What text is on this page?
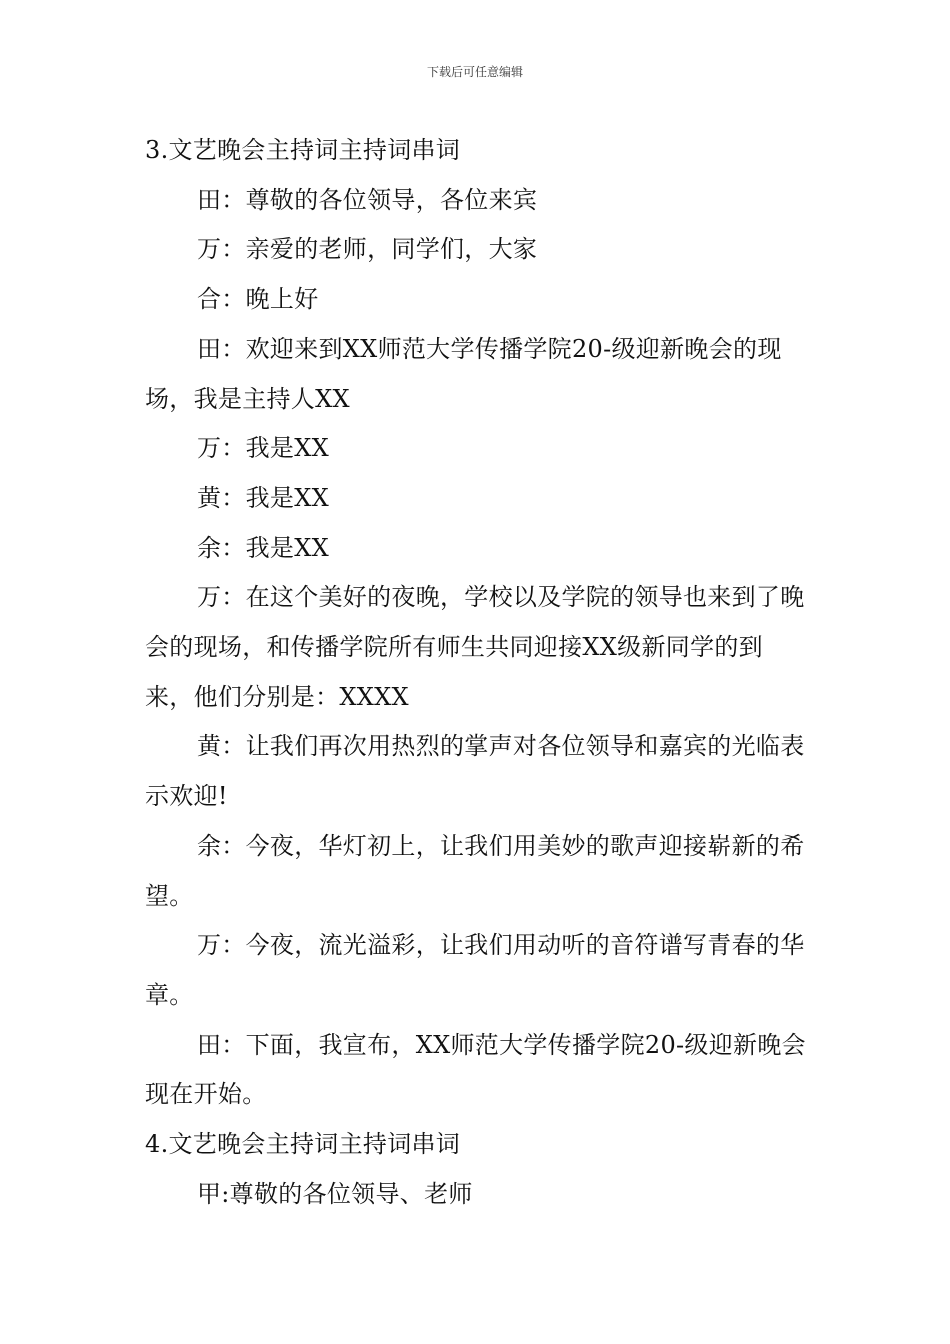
下载后可任意编辑

3.文艺晚会主持词主持词串词

田：尊敬的各位领导，各位来宾

万：亲爱的老师，同学们，大家

合：晚上好

田：欢迎来到XX师范大学传播学院20-级迎新晚会的现场，我是主持人XX

万：我是XX

黄：我是XX

余：我是XX

万：在这个美好的夜晚，学校以及学院的领导也来到了晚会的现场，和传播学院所有师生共同迎接XX级新同学的到来，他们分别是：XXXX

黄：让我们再次用热烈的掌声对各位领导和嘉宾的光临表示欢迎!

余：今夜，华灯初上，让我们用美妙的歌声迎接崭新的希望。

万：今夜，流光溢彩，让我们用动听的音符谱写青春的华章。

田：下面，我宣布，XX师范大学传播学院20-级迎新晚会现在开始。

4.文艺晚会主持词主持词串词

甲:尊敬的各位领导、老师
